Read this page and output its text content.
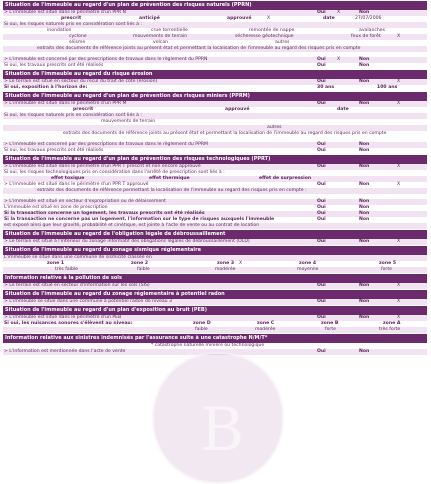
Situation de l'immeuble au regard d'un plan de prévention des risques naturels (PPRN)
> L'immeuble est situé dans le périmètre d'un PPR N	Oui X	Non
prescrit	anticipé	approuvé	X	date	27/07/2006
Si oui, les risques naturels pris en considération sont liés à :
inondation	crue torrentielle	remontée de nappe	avalanches
cyclone	mouvements de terrain	sécheresse géotechnique	feux de forêt	X
séisme	volcan	autres
extraits des documents de référence joints au présent état et permettant la localisation de l'immeuble au regard des risques pris en compte
> L'immeuble est concerné par des prescriptions de travaux dans le règlement du PPRN	Oui X	Non
Si oui, les travaux prescrits ont été réalisés	Oui	Non
Situation de l'immeuble au regard du risque érosion
> Le terrain est situé en secteur du recul du trait de côte (érosion)	Oui	Non	X
Si oui, exposition à l'horizon de:	30 ans	100 ans
Situation de l'immeuble au regard d'un plan de prévention des risques miniers (PPRM)
> L'immeuble est situé dans le périmètre d'un PPR M	Oui	Non	X
prescrit	approuvé	date
Si oui, les risques naturels pris en considération sont liés à :
mouvements de terrain
autres
extraits des documents de référence joints au présent état et permettant la localisation de l'immeuble au regard des risques pris en compte
> L'immeuble est concerné par des prescriptions de travaux dans le règlement du PPRM	Oui	Non
Si oui, les travaux prescrits ont été réalisés	Oui	Non
Situation de l'immeuble au regard d'un plan de prévention des risques technologiques (PPRT)
> L'immeuble est situé dans le périmètre d'un PPR T prescrit et non encore approuvé	Oui	Non	X
Si oui, les risques technologiques pris en considération dans l'arrêté de prescription sont liés à :
effet toxique	effet thermique	effet de surpression
> L'immeuble est situé dans le périmètre d'un PPR T approuvé	Oui	Non	X
extraits des documents de référence permettant la localisation de l'immeuble au regard des risques pris en compte :
> L'immeuble est situé en secteur d'expropriation ou de délaissement	Oui	Non
L'immeuble est situé en zone de prescription	Oui	Non
Si la transaction concerne un logement, les travaux prescrits ont été réalisés	Oui	Non
Si la transaction ne concerne pas un logement, l'information sur le type de risques auxquels l'immeuble	Oui	Non
est exposé ainsi que leur gravité, probabilité et cinétique, est jointe à l'acte de vente ou au contrat de location
Situation de l'immeuble au regard de l'obligation légale de débroussaillement
> Le terrain est situé à l'intérieur du zonage informatif des obligations légales de débroussaillement (OLD)	Oui	Non	X
Situation de l'immeuble au regard du zonage sismique réglementaire
L'immeuble se situe dans une commune de sismicité classée en
zone 1	zone 2	zone 3 X	zone 4	zone 5
très faible	faible	modérée	moyenne	forte
Information relative à la pollution de sols
> Le terrain est situé en secteur d'information sur les sols (SIS)	Oui	Non	X
Situation de l'immeuble au regard du zonage réglementaire à potentiel radon
> L'immeuble se situe dans une commune à potentiel radon de niveau 3	Oui	Non	X
Situation de l'immeuble au regard d'un plan d'exposition au bruit (PEB)
> L'immeuble est situé dans le périmètre d'un PEB	Oui	Non	X
Si oui, les nuisances sonores s'élèvent au niveau:	zone D	zone C	zone B	zone A
faible	modérée	forte	très forte
Information relative aux sinistres indemnisés par l'assurance suite à une catastrophe N/M/T*
* catastrophe naturelle minière ou technologique
> L'information est mentionnée dans l'acte de vente	Oui	Non
B
